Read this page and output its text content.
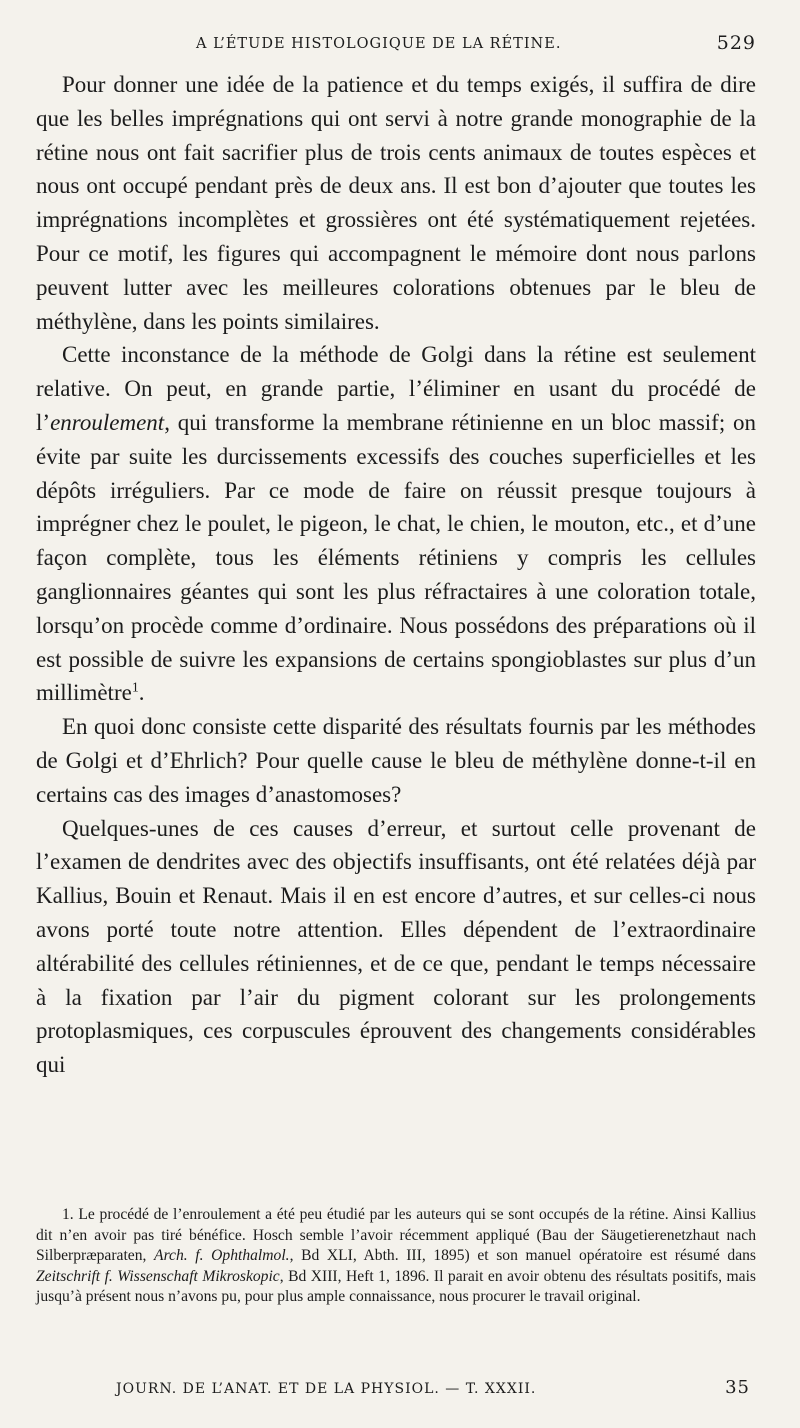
A L’ÉTUDE HISTOLOGIQUE DE LA RÉTINE.	529

Pour donner une idée de la patience et du temps exigés, il suffira de dire que les belles imprégnations qui ont servi à notre grande monographie de la rétine nous ont fait sacrifier plus de trois cents animaux de toutes espèces et nous ont occupé pendant près de deux ans. Il est bon d’ajouter que toutes les imprégnations incomplètes et grossières ont été systématiquement rejetées. Pour ce motif, les figures qui accompagnent le mémoire dont nous parlons peuvent lutter avec les meilleures colorations obtenues par le bleu de méthylène, dans les points similaires.

Cette inconstance de la méthode de Golgi dans la rétine est seulement relative. On peut, en grande partie, l’éliminer en usant du procédé de l’enroulement, qui transforme la membrane rétinienne en un bloc massif; on évite par suite les durcissements excessifs des couches superficielles et les dépôts irréguliers. Par ce mode de faire on réussit presque toujours à imprégner chez le poulet, le pigeon, le chat, le chien, le mouton, etc., et d’une façon complète, tous les éléments rétiniens y compris les cellules ganglionnaires géantes qui sont les plus réfractaires à une coloration totale, lorsqu’on procède comme d’ordinaire. Nous possédons des préparations où il est possible de suivre les expansions de certains spongioblastes sur plus d’un millimètre$^1$.

En quoi donc consiste cette disparité des résultats fournis par les méthodes de Golgi et d’Ehrlich? Pour quelle cause le bleu de méthylène donne-t-il en certains cas des images d’anastomoses?

Quelques-unes de ces causes d’erreur, et surtout celle provenant de l’examen de dendrites avec des objectifs insuffisants, ont été relatées déjà par Kallius, Bouin et Renaut. Mais il en est encore d’autres, et sur celles-ci nous avons porté toute notre attention. Elles dépendent de l’extraordinaire altérabilité des cellules rétiniennes, et de ce que, pendant le temps nécessaire à la fixation par l’air du pigment colorant sur les prolongements protoplasmiques, ces corpuscules éprouvent des changements considérables qui

1. Le procédé de l’enroulement a été peu étudié par les auteurs qui se sont occupés de la rétine. Ainsi Kallius dit n’en avoir pas tiré bénéfice. Hosch semble l’avoir récemment appliqué (Bau der Säugetierenetzhaut nach Silberpræparaten, Arch. f. Ophthalmol., Bd XLI, Abth. III, 1895) et son manuel opératoire est résumé dans Zeitschrift f. Wissenschaft Mikroskopic, Bd XIII, Heft 1, 1896. Il parait en avoir obtenu des résultats positifs, mais jusqu’à présent nous n’avons pu, pour plus ample connaissance, nous procurer le travail original.

JOURN. DE L’ANAT. ET DE LA PHYSIOL. — T. XXXII.	35
